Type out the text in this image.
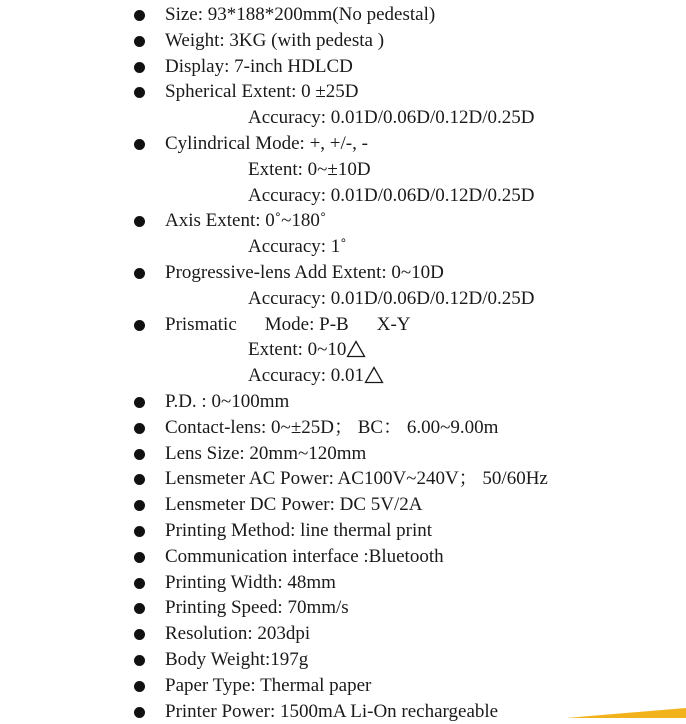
Size: 93*188*200mm(No pedestal)
Weight: 3KG (with pedesta )
Display: 7-inch HDLCD
Spherical Extent: 0 ±25D
Accuracy: 0.01D/0.06D/0.12D/0.25D
Cylindrical Mode: +, +/-, -
Extent: 0~±10D
Accuracy: 0.01D/0.06D/0.12D/0.25D
Axis Extent: 0˚~180˚
Accuracy: 1˚
Progressive-lens Add Extent: 0~10D
Accuracy: 0.01D/0.06D/0.12D/0.25D
Prismatic Mode: P-B X-Y
Extent: 0~10
Accuracy: 0.01
P.D. : 0~100mm
Contact-lens: 0~±25D； BC： 6.00~9.00m
Lens Size: 20mm~120mm
Lensmeter AC Power: AC100V~240V； 50/60Hz
Lensmeter DC Power: DC 5V/2A
Printing Method: line thermal print
Communication interface :Bluetooth
Printing Width: 48mm
Printing Speed: 70mm/s
Resolution: 203dpi
Body Weight:197g
Paper Type: Thermal paper
Printer Power: 1500mA Li-On rechargeable
